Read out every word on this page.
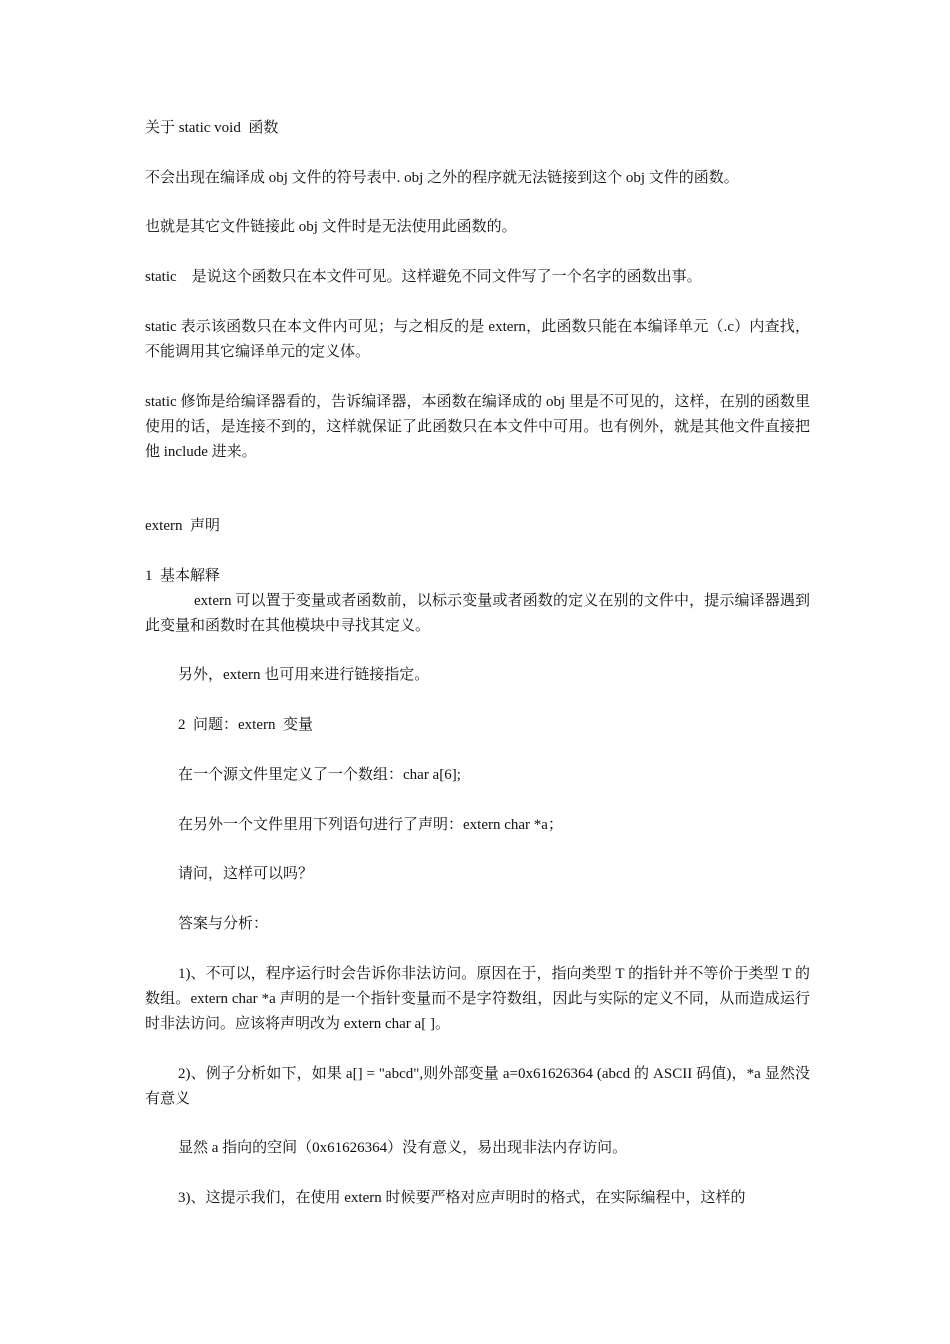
关于 static void  函数
不会出现在编译成 obj 文件的符号表中. obj 之外的程序就无法链接到这个 obj 文件的函数。
也就是其它文件链接此 obj 文件时是无法使用此函数的。
static    是说这个函数只在本文件可见。这样避免不同文件写了一个名字的函数出事。
static 表示该函数只在本文件内可见；与之相反的是 extern，此函数只能在本编译单元（.c）内查找，不能调用其它编译单元的定义体。
static 修饰是给编译器看的，告诉编译器，本函数在编译成的 obj 里是不可见的，这样，在别的函数里使用的话，是连接不到的，这样就保证了此函数只在本文件中可用。也有例外，就是其他文件直接把他 include 进来。
extern  声明
1  基本解释
extern 可以置于变量或者函数前，以标示变量或者函数的定义在别的文件中，提示编译器遇到此变量和函数时在其他模块中寻找其定义。
另外，extern 也可用来进行链接指定。
2  问题：extern  变量
在一个源文件里定义了一个数组：char a[6];
在另外一个文件里用下列语句进行了声明：extern char *a；
请问，这样可以吗？
答案与分析：
1)、不可以，程序运行时会告诉你非法访问。原因在于，指向类型 T 的指针并不等价于类型 T 的数组。extern char *a 声明的是一个指针变量而不是字符数组，因此与实际的定义不同，从而造成运行时非法访问。应该将声明改为 extern char a[ ]。
2)、例子分析如下，如果 a[] = "abcd",则外部变量 a=0x61626364 (abcd 的 ASCII 码值)，*a 显然没有意义
显然 a 指向的空间（0x61626364）没有意义，易出现非法内存访问。
3)、这提示我们，在使用 extern 时候要严格对应声明时的格式，在实际编程中，这样的
